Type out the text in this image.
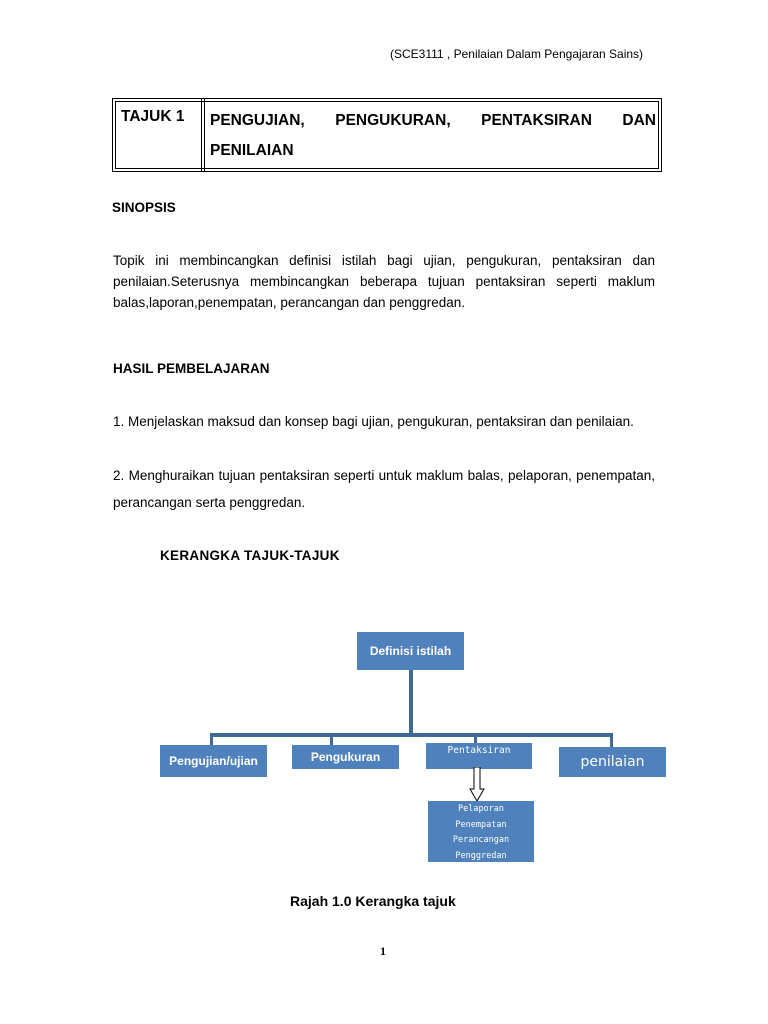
(SCE3111 , Penilaian Dalam Pengajaran Sains)
TAJUK 1 PENGUJIAN, PENGUKURAN, PENTAKSIRAN DAN PENILAIAN
SINOPSIS
Topik ini membincangkan definisi istilah bagi ujian, pengukuran, pentaksiran dan penilaian.Seterusnya membincangkan beberapa tujuan pentaksiran seperti maklum balas,laporan,penempatan, perancangan dan penggredan.
HASIL PEMBELAJARAN
1. Menjelaskan maksud dan konsep bagi ujian, pengukuran, pentaksiran dan penilaian.
2. Menghuraikan tujuan pentaksiran seperti untuk maklum balas, pelaporan, penempatan, perancangan serta penggredan.
KERANGKA TAJUK-TAJUK
Definisi istilah
Pengujian/ujian	Pengukuran	Pentaksiran
penilaian
Pelaporan
Penempatan
Perancangan
Penggredan
Rajah 1.0 Kerangka tajuk
1
